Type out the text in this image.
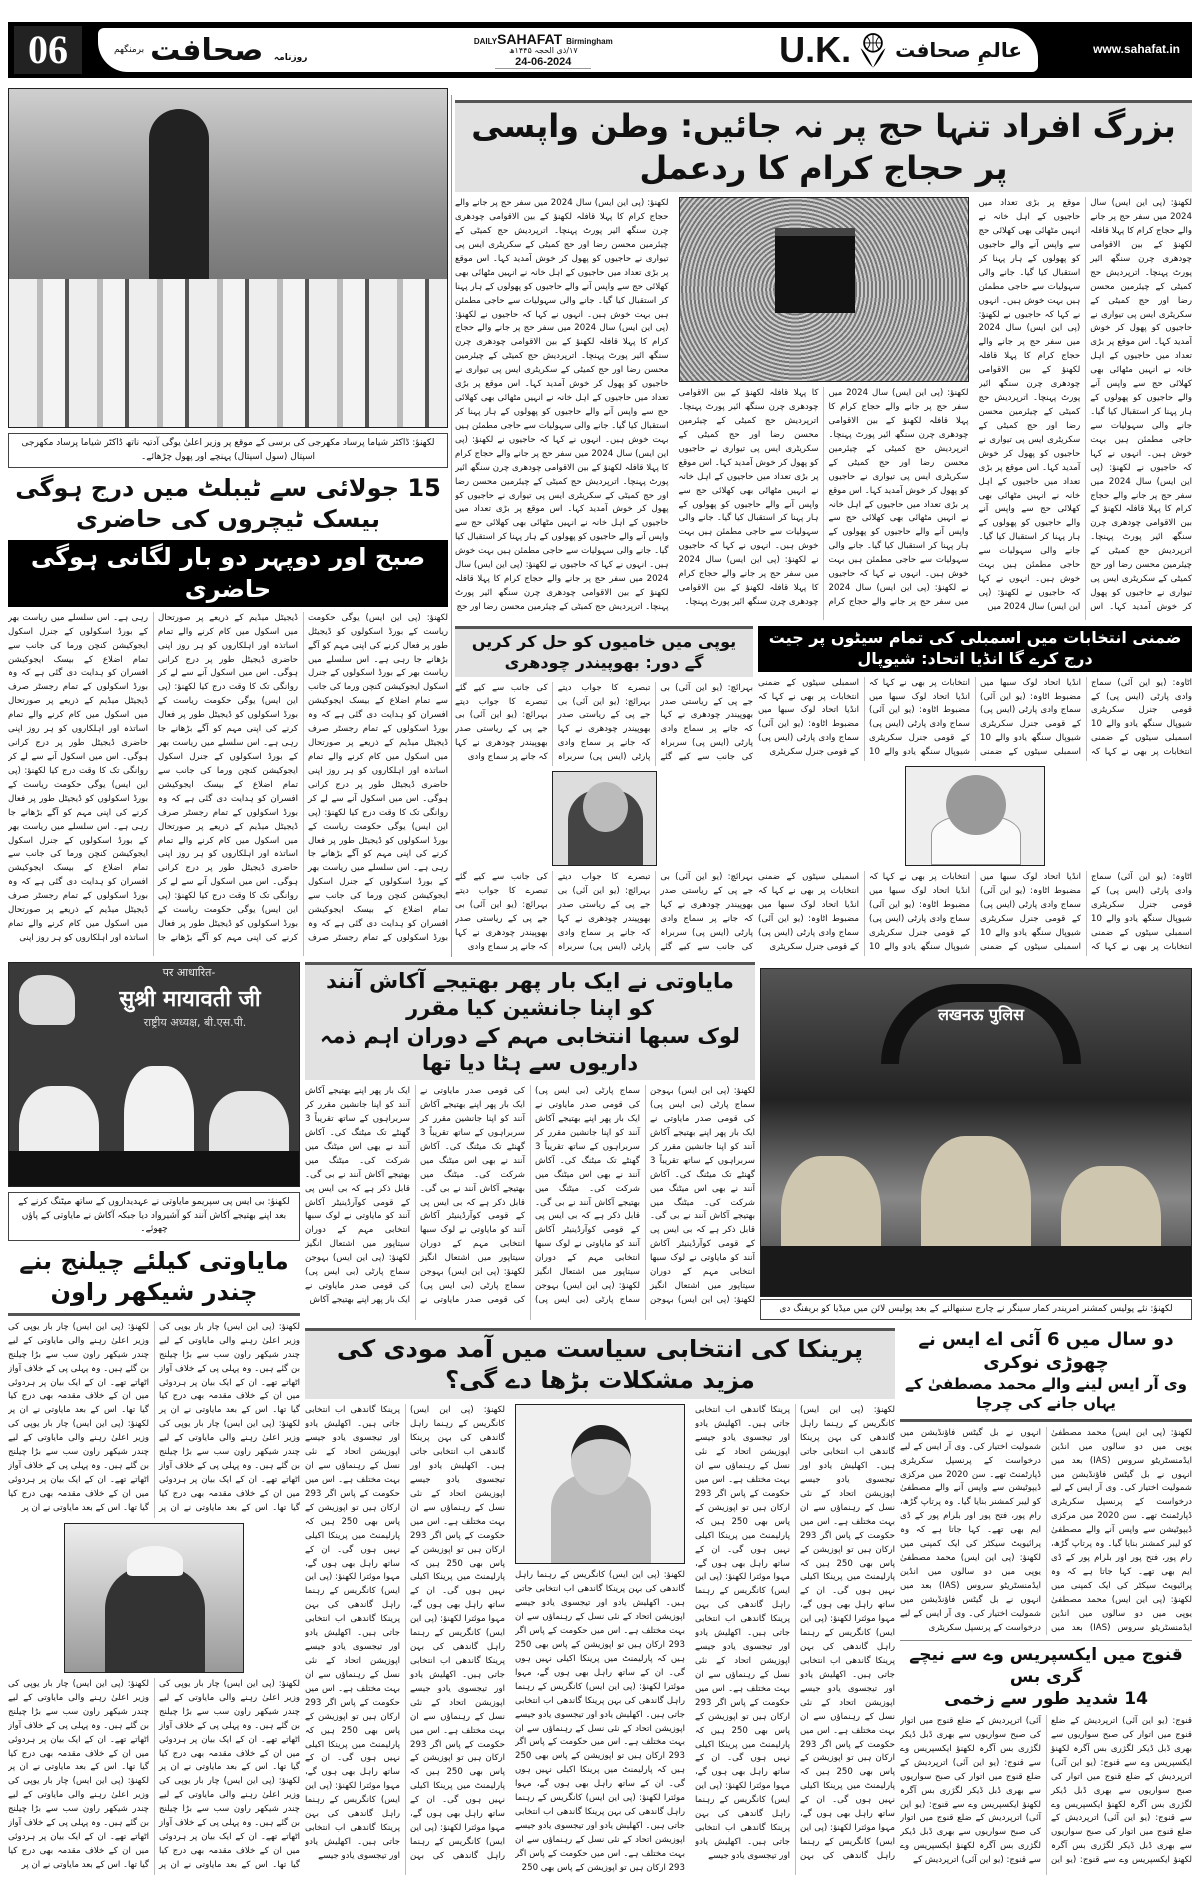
06	برمنگھم
روزنامہ صحافت	DAILYSAHAFAT Birmingham
۱۷/ذی الحجہ ۱۴۴۵ھ
24-06-2024	U.K. عالمِ صحافت	www.sahafat.in
لکھنؤ: ڈاکٹر شیاما پرساد مکھرجی کی برسی کے موقع پر وزیر اعلیٰ یوگی آدتیہ ناتھ ڈاکٹر شیاما پرساد مکھرجی اسپتال (سول اسپتال) پہنچے اور پھول چڑھائے۔
15 جولائی سے ٹیبلٹ میں درج ہوگی بیسک ٹیچروں کی حاضری
صبح اور دوپہر دو بار لگانی ہوگی حاضری
لکھنؤ: (پی این ایس) یوگی حکومت ریاست کے بورڈ اسکولوں کو ڈیجیٹل طور پر فعال کرنے کی اپنی مہم کو آگے بڑھانے جا رہی ہے۔ اس سلسلے میں ریاست بھر کے بورڈ اسکولوں کے جنرل اسکول ایجوکیشن کنچن ورما کی جانب سے تمام اضلاع کے بیسک ایجوکیشن افسران کو ہدایت دی گئی ہے کہ وہ بورڈ اسکولوں کے تمام رجسٹر صرف ڈیجیٹل میڈیم کے ذریعے پر صورتحال میں اسکول میں کام کرنے والے تمام اساتذہ اور اہلکاروں کو ہر روز اپنی حاضری ڈیجیٹل طور پر درج کرانی ہوگی۔ اس میں اسکول آنے سے لے کر روانگی تک کا وقت درج کیا لکھنؤ: (پی این ایس) یوگی حکومت ریاست کے بورڈ اسکولوں کو ڈیجیٹل طور پر فعال کرنے کی اپنی مہم کو آگے بڑھانے جا رہی ہے۔ اس سلسلے میں ریاست بھر کے بورڈ اسکولوں کے جنرل اسکول ایجوکیشن کنچن ورما کی جانب سے تمام اضلاع کے بیسک ایجوکیشن افسران کو ہدایت دی گئی ہے کہ وہ بورڈ اسکولوں کے تمام رجسٹر صرف ڈیجیٹل میڈیم کے ذریعے پر صورتحال میں اسکول میں کام کرنے والے تمام اساتذہ اور اہلکاروں کو ہر روز اپنی حاضری ڈیجیٹل طور پر درج کرانی ہوگی۔ اس میں اسکول آنے سے لے کر روانگی تک کا وقت درج کیا لکھنؤ: (پی این ایس) یوگی حکومت ریاست کے بورڈ اسکولوں کو ڈیجیٹل طور پر فعال کرنے کی اپنی مہم کو آگے بڑھانے جا رہی ہے۔ اس سلسلے میں ریاست بھر کے بورڈ اسکولوں کے جنرل اسکول ایجوکیشن کنچن ورما کی جانب سے تمام اضلاع کے بیسک ایجوکیشن افسران کو ہدایت دی گئی ہے کہ وہ بورڈ اسکولوں کے تمام رجسٹر صرف ڈیجیٹل میڈیم کے ذریعے پر صورتحال میں اسکول میں کام کرنے والے تمام اساتذہ اور اہلکاروں کو ہر روز اپنی حاضری ڈیجیٹل طور پر درج کرانی ہوگی۔ اس میں اسکول آنے سے لے کر روانگی تک کا وقت درج کیا لکھنؤ: (پی این ایس) یوگی حکومت ریاست کے بورڈ اسکولوں کو ڈیجیٹل طور پر فعال کرنے کی اپنی مہم کو آگے بڑھانے جا رہی ہے۔ اس سلسلے میں ریاست بھر کے بورڈ اسکولوں کے جنرل اسکول ایجوکیشن کنچن ورما کی جانب سے تمام اضلاع کے بیسک ایجوکیشن افسران کو ہدایت دی گئی ہے کہ وہ بورڈ اسکولوں کے تمام رجسٹر صرف ڈیجیٹل میڈیم کے ذریعے پر صورتحال میں اسکول میں کام کرنے والے تمام اساتذہ اور اہلکاروں کو ہر روز اپنی حاضری ڈیجیٹل طور پر درج کرانی ہوگی۔ اس میں اسکول آنے سے لے کر روانگی تک کا وقت درج کیا لکھنؤ: (پی این ایس) یوگی حکومت ریاست کے بورڈ اسکولوں کو ڈیجیٹل طور پر فعال کرنے کی اپنی مہم کو آگے بڑھانے جا رہی ہے۔ اس سلسلے میں ریاست بھر کے بورڈ اسکولوں کے جنرل اسکول ایجوکیشن کنچن ورما کی جانب سے تمام اضلاع کے بیسک ایجوکیشن افسران کو ہدایت دی گئی ہے کہ وہ بورڈ اسکولوں کے تمام رجسٹر صرف ڈیجیٹل میڈیم کے ذریعے پر صورتحال میں اسکول میں کام کرنے والے تمام اساتذہ اور اہلکاروں کو ہر روز اپنی
पर आधारित-
सुश्री मायावती जी
राष्ट्रीय अध्यक्ष, बी.एस.पी.
لکھنؤ: بی ایس پی سپریمو مایاوتی نے عہدیداروں کے ساتھ میٹنگ کرنے کے بعد اپنے بھتیجے آکاش آنند کو آشیرواد دیا جبکہ آکاش نے مایاوتی کے پاؤں چھوئے۔
مایاوتی کیلئے چیلنج بنے چندر شیکھر راون
لکھنؤ: (پی این ایس) چار بار یوپی کی وزیر اعلیٰ رہنے والی مایاوتی کے لیے چندر شیکھر راون سب سے بڑا چیلنج بن گئے ہیں۔ وہ پہلی پی کے خلاف آواز اٹھاتے تھے۔ ان کے ایک بیان پر ہردوئی میں ان کے خلاف مقدمہ بھی درج کیا گیا تھا۔ اس کے بعد مایاوتی نے ان پر لکھنؤ: (پی این ایس) چار بار یوپی کی وزیر اعلیٰ رہنے والی مایاوتی کے لیے چندر شیکھر راون سب سے بڑا چیلنج بن گئے ہیں۔ وہ پہلی پی کے خلاف آواز اٹھاتے تھے۔ ان کے ایک بیان پر ہردوئی میں ان کے خلاف مقدمہ بھی درج کیا گیا تھا۔ اس کے بعد مایاوتی نے ان پر لکھنؤ: (پی این ایس) چار بار یوپی کی وزیر اعلیٰ رہنے والی مایاوتی کے لیے چندر شیکھر راون سب سے بڑا چیلنج بن گئے ہیں۔ وہ پہلی پی کے خلاف آواز اٹھاتے تھے۔ ان کے ایک بیان پر ہردوئی میں ان کے خلاف مقدمہ بھی درج کیا گیا تھا۔ اس کے بعد مایاوتی نے ان پر لکھنؤ: (پی این ایس) چار بار یوپی کی وزیر اعلیٰ رہنے والی مایاوتی کے لیے چندر شیکھر راون سب سے بڑا چیلنج بن گئے ہیں۔ وہ پہلی پی کے خلاف آواز اٹھاتے تھے۔ ان کے ایک بیان پر ہردوئی میں ان کے خلاف مقدمہ بھی درج کیا گیا تھا۔ اس کے بعد مایاوتی نے ان پر
لکھنؤ: (پی این ایس) چار بار یوپی کی وزیر اعلیٰ رہنے والی مایاوتی کے لیے چندر شیکھر راون سب سے بڑا چیلنج بن گئے ہیں۔ وہ پہلی پی کے خلاف آواز اٹھاتے تھے۔ ان کے ایک بیان پر ہردوئی میں ان کے خلاف مقدمہ بھی درج کیا گیا تھا۔ اس کے بعد مایاوتی نے ان پر لکھنؤ: (پی این ایس) چار بار یوپی کی وزیر اعلیٰ رہنے والی مایاوتی کے لیے چندر شیکھر راون سب سے بڑا چیلنج بن گئے ہیں۔ وہ پہلی پی کے خلاف آواز اٹھاتے تھے۔ ان کے ایک بیان پر ہردوئی میں ان کے خلاف مقدمہ بھی درج کیا گیا تھا۔ اس کے بعد مایاوتی نے ان پر لکھنؤ: (پی این ایس) چار بار یوپی کی وزیر اعلیٰ رہنے والی مایاوتی کے لیے چندر شیکھر راون سب سے بڑا چیلنج بن گئے ہیں۔ وہ پہلی پی کے خلاف آواز اٹھاتے تھے۔ ان کے ایک بیان پر ہردوئی میں ان کے خلاف مقدمہ بھی درج کیا گیا تھا۔ اس کے بعد مایاوتی نے ان پر لکھنؤ: (پی این ایس) چار بار یوپی کی وزیر اعلیٰ رہنے والی مایاوتی کے لیے چندر شیکھر راون سب سے بڑا چیلنج بن گئے ہیں۔ وہ پہلی پی کے خلاف آواز اٹھاتے تھے۔ ان کے ایک بیان پر ہردوئی میں ان کے خلاف مقدمہ بھی درج کیا گیا تھا۔ اس کے بعد مایاوتی نے ان پر
بزرگ افراد تنہا حج پر نہ جائیں: وطن واپسی پر حجاج کرام کا ردعمل
لکھنؤ: (پی این ایس) سال 2024 میں سفر حج پر جانے والے حجاج کرام کا پہلا قافلہ لکھنؤ کے بین الاقوامی چودھری چرن سنگھ ائیر پورٹ پہنچا۔ اترپردیش حج کمیٹی کے چیئرمین محسن رضا اور حج کمیٹی کے سکریٹری ایس پی تیواری نے حاجیوں کو پھول کر خوش آمدید کہا۔ اس موقع پر بڑی تعداد میں حاجیوں کے اہل خانہ نے انہیں مٹھائی بھی کھلائی حج سے واپس آنے والے حاجیوں کو پھولوں کے ہار پہنا کر استقبال کیا گیا۔ جانے والی سہولیات سے حاجی مطمئن ہیں بہت خوش ہیں۔ انہوں نے کہا کہ حاجیوں نے لکھنؤ: (پی این ایس) سال 2024 میں سفر حج پر جانے والے حجاج کرام کا پہلا قافلہ لکھنؤ کے بین الاقوامی چودھری چرن سنگھ ائیر پورٹ پہنچا۔ اترپردیش حج کمیٹی کے چیئرمین محسن رضا اور حج کمیٹی کے سکریٹری ایس پی تیواری نے حاجیوں کو پھول کر خوش آمدید کہا۔ اس موقع پر بڑی تعداد میں حاجیوں کے اہل خانہ نے انہیں مٹھائی بھی کھلائی حج سے واپس آنے والے حاجیوں کو پھولوں کے ہار پہنا کر استقبال کیا گیا۔ جانے والی سہولیات سے حاجی مطمئن ہیں بہت خوش ہیں۔ انہوں نے کہا کہ حاجیوں نے لکھنؤ: (پی این ایس) سال 2024 میں سفر حج پر جانے والے حجاج کرام کا پہلا قافلہ لکھنؤ کے بین الاقوامی چودھری چرن سنگھ ائیر پورٹ پہنچا۔ اترپردیش حج کمیٹی کے چیئرمین محسن رضا اور حج کمیٹی کے سکریٹری ایس پی تیواری نے حاجیوں کو پھول کر خوش آمدید کہا۔ اس موقع پر بڑی تعداد میں حاجیوں کے اہل خانہ نے انہیں مٹھائی بھی کھلائی حج سے واپس آنے والے حاجیوں کو پھولوں کے ہار پہنا کر استقبال کیا گیا۔ جانے والی سہولیات سے حاجی مطمئن ہیں بہت خوش ہیں۔ انہوں نے کہا کہ حاجیوں نے لکھنؤ: (پی این ایس) سال 2024 میں
لکھنؤ: (پی این ایس) سال 2024 میں سفر حج پر جانے والے حجاج کرام کا پہلا قافلہ لکھنؤ کے بین الاقوامی چودھری چرن سنگھ ائیر پورٹ پہنچا۔ اترپردیش حج کمیٹی کے چیئرمین محسن رضا اور حج کمیٹی کے سکریٹری ایس پی تیواری نے حاجیوں کو پھول کر خوش آمدید کہا۔ اس موقع پر بڑی تعداد میں حاجیوں کے اہل خانہ نے انہیں مٹھائی بھی کھلائی حج سے واپس آنے والے حاجیوں کو پھولوں کے ہار پہنا کر استقبال کیا گیا۔ جانے والی سہولیات سے حاجی مطمئن ہیں بہت خوش ہیں۔ انہوں نے کہا کہ حاجیوں نے لکھنؤ: (پی این ایس) سال 2024 میں سفر حج پر جانے والے حجاج کرام کا پہلا قافلہ لکھنؤ کے بین الاقوامی چودھری چرن سنگھ ائیر پورٹ پہنچا۔ اترپردیش حج کمیٹی کے چیئرمین محسن رضا اور حج کمیٹی کے سکریٹری ایس پی تیواری نے حاجیوں کو پھول کر خوش آمدید کہا۔ اس موقع پر بڑی تعداد میں حاجیوں کے اہل خانہ نے انہیں مٹھائی بھی کھلائی حج سے واپس آنے والے حاجیوں کو پھولوں کے ہار پہنا کر استقبال کیا گیا۔ جانے والی سہولیات سے حاجی مطمئن ہیں بہت خوش ہیں۔ انہوں نے کہا کہ حاجیوں نے لکھنؤ: (پی این ایس) سال 2024 میں سفر حج پر جانے والے حجاج کرام کا پہلا قافلہ لکھنؤ کے بین الاقوامی چودھری چرن سنگھ ائیر پورٹ پہنچا۔
لکھنؤ: (پی این ایس) سال 2024 میں سفر حج پر جانے والے حجاج کرام کا پہلا قافلہ لکھنؤ کے بین الاقوامی چودھری چرن سنگھ ائیر پورٹ پہنچا۔ اترپردیش حج کمیٹی کے چیئرمین محسن رضا اور حج کمیٹی کے سکریٹری ایس پی تیواری نے حاجیوں کو پھول کر خوش آمدید کہا۔ اس موقع پر بڑی تعداد میں حاجیوں کے اہل خانہ نے انہیں مٹھائی بھی کھلائی حج سے واپس آنے والے حاجیوں کو پھولوں کے ہار پہنا کر استقبال کیا گیا۔ جانے والی سہولیات سے حاجی مطمئن ہیں بہت خوش ہیں۔ انہوں نے کہا کہ حاجیوں نے لکھنؤ: (پی این ایس) سال 2024 میں سفر حج پر جانے والے حجاج کرام کا پہلا قافلہ لکھنؤ کے بین الاقوامی چودھری چرن سنگھ ائیر پورٹ پہنچا۔ اترپردیش حج کمیٹی کے چیئرمین محسن رضا اور حج کمیٹی کے سکریٹری ایس پی تیواری نے حاجیوں کو پھول کر خوش آمدید کہا۔ اس موقع پر بڑی تعداد میں حاجیوں کے اہل خانہ نے انہیں مٹھائی بھی کھلائی حج سے واپس آنے والے حاجیوں کو پھولوں کے ہار پہنا کر استقبال کیا گیا۔ جانے والی سہولیات سے حاجی مطمئن ہیں بہت خوش ہیں۔ انہوں نے کہا کہ حاجیوں نے لکھنؤ: (پی این ایس) سال 2024 میں سفر حج پر جانے والے حجاج کرام کا پہلا قافلہ لکھنؤ کے بین الاقوامی چودھری چرن سنگھ ائیر پورٹ پہنچا۔ اترپردیش حج کمیٹی کے چیئرمین محسن رضا اور حج کمیٹی کے سکریٹری ایس پی تیواری نے حاجیوں کو پھول کر خوش آمدید کہا۔ اس موقع پر بڑی تعداد میں حاجیوں کے اہل خانہ نے انہیں مٹھائی بھی کھلائی حج سے واپس آنے والے حاجیوں کو پھولوں کے ہار پہنا کر استقبال کیا گیا۔ جانے والی سہولیات سے حاجی مطمئن ہیں بہت خوش ہیں۔ انہوں نے کہا کہ حاجیوں نے لکھنؤ: (پی این ایس) سال 2024 میں سفر حج پر جانے والے حجاج کرام کا پہلا قافلہ لکھنؤ کے بین الاقوامی چودھری چرن سنگھ ائیر پورٹ پہنچا۔ اترپردیش حج کمیٹی کے چیئرمین محسن رضا اور حج
یوپی میں خامیوں کو حل کر کریں گے دور: بھوپیندر چودھری
بہرائچ: (یو این آئی) بی جے پی کے ریاستی صدر بھوپیندر چودھری نے کہا کہ جانے پر سماج وادی پارٹی (ایس پی) سربراہ کی جانب سے کیے گئے تبصرے کا جواب دیتے بہرائچ: (یو این آئی) بی جے پی کے ریاستی صدر بھوپیندر چودھری نے کہا کہ جانے پر سماج وادی پارٹی (ایس پی) سربراہ کی جانب سے کیے گئے تبصرے کا جواب دیتے بہرائچ: (یو این آئی) بی جے پی کے ریاستی صدر بھوپیندر چودھری نے کہا کہ جانے پر سماج وادی
بہرائچ: (یو این آئی) بی جے پی کے ریاستی صدر بھوپیندر چودھری نے کہا کہ جانے پر سماج وادی پارٹی (ایس پی) سربراہ کی جانب سے کیے گئے تبصرے کا جواب دیتے بہرائچ: (یو این آئی) بی جے پی کے ریاستی صدر بھوپیندر چودھری نے کہا کہ جانے پر سماج وادی پارٹی (ایس پی) سربراہ کی جانب سے کیے گئے تبصرے کا جواب دیتے بہرائچ: (یو این آئی) بی جے پی کے ریاستی صدر بھوپیندر چودھری نے کہا کہ جانے پر سماج وادی
ضمنی انتخابات میں اسمبلی کی تمام سیٹوں پر جیت درج کرے گا انڈیا اتحاد: شیوپال
اٹاوہ: (یو این آئی) سماج وادی پارٹی (ایس پی) کے قومی جنرل سکریٹری شیوپال سنگھ یادو والے 10 اسمبلی سیٹوں کے ضمنی انتخابات پر بھی نے کہا کہ انڈیا اتحاد لوک سبھا میں مضبوط اٹاوہ: (یو این آئی) سماج وادی پارٹی (ایس پی) کے قومی جنرل سکریٹری شیوپال سنگھ یادو والے 10 اسمبلی سیٹوں کے ضمنی انتخابات پر بھی نے کہا کہ انڈیا اتحاد لوک سبھا میں مضبوط اٹاوہ: (یو این آئی) سماج وادی پارٹی (ایس پی) کے قومی جنرل سکریٹری شیوپال سنگھ یادو والے 10 اسمبلی سیٹوں کے ضمنی انتخابات پر بھی نے کہا کہ انڈیا اتحاد لوک سبھا میں مضبوط اٹاوہ: (یو این آئی) سماج وادی پارٹی (ایس پی) کے قومی جنرل سکریٹری
اٹاوہ: (یو این آئی) سماج وادی پارٹی (ایس پی) کے قومی جنرل سکریٹری شیوپال سنگھ یادو والے 10 اسمبلی سیٹوں کے ضمنی انتخابات پر بھی نے کہا کہ انڈیا اتحاد لوک سبھا میں مضبوط اٹاوہ: (یو این آئی) سماج وادی پارٹی (ایس پی) کے قومی جنرل سکریٹری شیوپال سنگھ یادو والے 10 اسمبلی سیٹوں کے ضمنی انتخابات پر بھی نے کہا کہ انڈیا اتحاد لوک سبھا میں مضبوط اٹاوہ: (یو این آئی) سماج وادی پارٹی (ایس پی) کے قومی جنرل سکریٹری شیوپال سنگھ یادو والے 10 اسمبلی سیٹوں کے ضمنی انتخابات پر بھی نے کہا کہ انڈیا اتحاد لوک سبھا میں مضبوط اٹاوہ: (یو این آئی) سماج وادی پارٹی (ایس پی) کے قومی جنرل سکریٹری
مایاوتی نے ایک بار پھر بھتیجے آکاش آنند کو اپنا جانشین کیا مقرر
لوک سبھا انتخابی مہم کے دوران اہم ذمہ داریوں سے ہٹا دیا تھا
لکھنؤ: (پی این ایس) بہوجن سماج پارٹی (بی ایس پی) کی قومی صدر مایاوتی نے ایک بار پھر اپنے بھتیجے آکاش آنند کو اپنا جانشین مقرر کر سربراہوں کے ساتھ تقریباً 3 گھنٹے تک میٹنگ کی۔ آکاش آنند نے بھی اس میٹنگ میں شرکت کی۔ میٹنگ میں بھتیجے آکاش آنند نے بی گی۔ قابل ذکر ہے کہ بی ایس پی کے قومی کوآرڈینیٹر آکاش آنند کو مایاوتی نے لوک سبھا انتخابی مہم کے دوران سیتاپور میں اشتعال انگیز لکھنؤ: (پی این ایس) بہوجن سماج پارٹی (بی ایس پی) کی قومی صدر مایاوتی نے ایک بار پھر اپنے بھتیجے آکاش آنند کو اپنا جانشین مقرر کر سربراہوں کے ساتھ تقریباً 3 گھنٹے تک میٹنگ کی۔ آکاش آنند نے بھی اس میٹنگ میں شرکت کی۔ میٹنگ میں بھتیجے آکاش آنند نے بی گی۔ قابل ذکر ہے کہ بی ایس پی کے قومی کوآرڈینیٹر آکاش آنند کو مایاوتی نے لوک سبھا انتخابی مہم کے دوران سیتاپور میں اشتعال انگیز لکھنؤ: (پی این ایس) بہوجن سماج پارٹی (بی ایس پی) کی قومی صدر مایاوتی نے ایک بار پھر اپنے بھتیجے آکاش آنند کو اپنا جانشین مقرر کر سربراہوں کے ساتھ تقریباً 3 گھنٹے تک میٹنگ کی۔ آکاش آنند نے بھی اس میٹنگ میں شرکت کی۔ میٹنگ میں بھتیجے آکاش آنند نے بی گی۔ قابل ذکر ہے کہ بی ایس پی کے قومی کوآرڈینیٹر آکاش آنند کو مایاوتی نے لوک سبھا انتخابی مہم کے دوران سیتاپور میں اشتعال انگیز لکھنؤ: (پی این ایس) بہوجن سماج پارٹی (بی ایس پی) کی قومی صدر مایاوتی نے ایک بار پھر اپنے بھتیجے آکاش آنند کو اپنا جانشین مقرر کر سربراہوں کے ساتھ تقریباً 3 گھنٹے تک میٹنگ کی۔ آکاش آنند نے بھی اس میٹنگ میں شرکت کی۔ میٹنگ میں بھتیجے آکاش آنند نے بی گی۔ قابل ذکر ہے کہ بی ایس پی کے قومی کوآرڈینیٹر آکاش آنند کو مایاوتی نے لوک سبھا انتخابی مہم کے دوران سیتاپور میں اشتعال انگیز لکھنؤ: (پی این ایس) بہوجن سماج پارٹی (بی ایس پی) کی قومی صدر مایاوتی نے ایک بار پھر اپنے بھتیجے آکاش
लखनऊ पुलिस
لکھنؤ: نئے پولیس کمشنر امریندر کمار سینگر نے چارج سنبھالنے کے بعد پولیس لائن میں میڈیا کو بریفنگ دی
پرینکا کی انتخابی سیاست میں آمد مودی کی مزید مشکلات بڑھا دے گی؟
لکھنؤ: (پی این ایس) کانگریس کے رہنما راہل گاندھی کی بہن پرینکا گاندھی اب انتخابی جاتی ہیں۔ اکھلیش یادو اور تیجسوی یادو جیسے اپوزیشن اتحاد کے نئی نسل کے رہنماؤں سے ان بہت مختلف ہے۔ اس میں حکومت کے پاس اگر 293 ارکان ہیں تو اپوزیشن کے پاس بھی 250 ہیں کہ پارلیمنٹ میں پرینکا اکیلی نہیں ہوں گی۔ ان کے ساتھ راہل بھی ہوں گے، مہوا موئترا لکھنؤ: (پی این ایس) کانگریس کے رہنما راہل گاندھی کی بہن پرینکا گاندھی اب انتخابی جاتی ہیں۔ اکھلیش یادو اور تیجسوی یادو جیسے اپوزیشن اتحاد کے نئی نسل کے رہنماؤں سے ان بہت مختلف ہے۔ اس میں حکومت کے پاس اگر 293 ارکان ہیں تو اپوزیشن کے پاس بھی 250 ہیں کہ پارلیمنٹ میں پرینکا اکیلی نہیں ہوں گی۔ ان کے ساتھ راہل بھی ہوں گے، مہوا موئترا لکھنؤ: (پی این ایس) کانگریس کے رہنما راہل گاندھی کی بہن پرینکا گاندھی اب انتخابی جاتی ہیں۔ اکھلیش یادو اور تیجسوی یادو جیسے اپوزیشن اتحاد کے نئی نسل کے رہنماؤں سے ان بہت مختلف ہے۔ اس میں حکومت کے پاس اگر 293 ارکان ہیں تو اپوزیشن کے پاس بھی 250 ہیں کہ پارلیمنٹ میں پرینکا اکیلی نہیں ہوں گی۔ ان کے ساتھ راہل بھی ہوں گے، مہوا موئترا لکھنؤ: (پی این ایس) کانگریس کے رہنما راہل گاندھی کی بہن پرینکا گاندھی اب انتخابی جاتی ہیں۔ اکھلیش یادو اور تیجسوی یادو جیسے اپوزیشن اتحاد کے نئی نسل کے رہنماؤں سے ان بہت مختلف ہے۔ اس میں حکومت کے پاس اگر 293 ارکان ہیں تو اپوزیشن کے پاس بھی 250 ہیں کہ پارلیمنٹ میں پرینکا اکیلی نہیں ہوں گی۔ ان کے ساتھ راہل بھی ہوں گے، مہوا موئترا لکھنؤ: (پی این ایس) کانگریس کے رہنما راہل گاندھی کی بہن پرینکا گاندھی اب انتخابی جاتی ہیں۔ اکھلیش یادو اور تیجسوی یادو جیسے
لکھنؤ: (پی این ایس) کانگریس کے رہنما راہل گاندھی کی بہن پرینکا گاندھی اب انتخابی جاتی ہیں۔ اکھلیش یادو اور تیجسوی یادو جیسے اپوزیشن اتحاد کے نئی نسل کے رہنماؤں سے ان بہت مختلف ہے۔ اس میں حکومت کے پاس اگر 293 ارکان ہیں تو اپوزیشن کے پاس بھی 250 ہیں کہ پارلیمنٹ میں پرینکا اکیلی نہیں ہوں گی۔ ان کے ساتھ راہل بھی ہوں گے، مہوا موئترا لکھنؤ: (پی این ایس) کانگریس کے رہنما راہل گاندھی کی بہن پرینکا گاندھی اب انتخابی جاتی ہیں۔ اکھلیش یادو اور تیجسوی یادو جیسے اپوزیشن اتحاد کے نئی نسل کے رہنماؤں سے ان بہت مختلف ہے۔ اس میں حکومت کے پاس اگر 293 ارکان ہیں تو اپوزیشن کے پاس بھی 250 ہیں کہ پارلیمنٹ میں پرینکا اکیلی نہیں ہوں گی۔ ان کے ساتھ راہل بھی ہوں گے، مہوا موئترا لکھنؤ: (پی این ایس) کانگریس کے رہنما راہل گاندھی کی بہن پرینکا گاندھی اب انتخابی جاتی ہیں۔ اکھلیش یادو اور تیجسوی یادو جیسے اپوزیشن اتحاد کے نئی نسل کے رہنماؤں سے ان بہت مختلف ہے۔ اس میں حکومت کے پاس اگر 293 ارکان ہیں تو اپوزیشن کے پاس بھی 250
لکھنؤ: (پی این ایس) کانگریس کے رہنما راہل گاندھی کی بہن پرینکا گاندھی اب انتخابی جاتی ہیں۔ اکھلیش یادو اور تیجسوی یادو جیسے اپوزیشن اتحاد کے نئی نسل کے رہنماؤں سے ان بہت مختلف ہے۔ اس میں حکومت کے پاس اگر 293 ارکان ہیں تو اپوزیشن کے پاس بھی 250 ہیں کہ پارلیمنٹ میں پرینکا اکیلی نہیں ہوں گی۔ ان کے ساتھ راہل بھی ہوں گے، مہوا موئترا لکھنؤ: (پی این ایس) کانگریس کے رہنما راہل گاندھی کی بہن پرینکا گاندھی اب انتخابی جاتی ہیں۔ اکھلیش یادو اور تیجسوی یادو جیسے اپوزیشن اتحاد کے نئی نسل کے رہنماؤں سے ان بہت مختلف ہے۔ اس میں حکومت کے پاس اگر 293 ارکان ہیں تو اپوزیشن کے پاس بھی 250 ہیں کہ پارلیمنٹ میں پرینکا اکیلی نہیں ہوں گی۔ ان کے ساتھ راہل بھی ہوں گے، مہوا موئترا لکھنؤ: (پی این ایس) کانگریس کے رہنما راہل گاندھی کی بہن پرینکا گاندھی اب انتخابی جاتی ہیں۔ اکھلیش یادو اور تیجسوی یادو جیسے اپوزیشن اتحاد کے نئی نسل کے رہنماؤں سے ان بہت مختلف ہے۔ اس میں حکومت کے پاس اگر 293 ارکان ہیں تو اپوزیشن کے پاس بھی 250 ہیں کہ پارلیمنٹ میں پرینکا اکیلی نہیں ہوں گی۔ ان کے ساتھ راہل بھی ہوں گے، مہوا موئترا لکھنؤ: (پی این ایس) کانگریس کے رہنما راہل گاندھی کی بہن پرینکا گاندھی اب انتخابی جاتی ہیں۔ اکھلیش یادو اور تیجسوی یادو جیسے اپوزیشن اتحاد کے نئی نسل کے رہنماؤں سے ان بہت مختلف ہے۔ اس میں حکومت کے پاس اگر 293 ارکان ہیں تو اپوزیشن کے پاس بھی 250 ہیں کہ پارلیمنٹ میں پرینکا اکیلی نہیں ہوں گی۔ ان کے ساتھ راہل بھی ہوں گے، مہوا موئترا لکھنؤ: (پی این ایس) کانگریس کے رہنما راہل گاندھی کی بہن پرینکا گاندھی اب انتخابی جاتی ہیں۔ اکھلیش یادو اور تیجسوی یادو جیسے
دو سال میں 6 آئی اے ایس نے چھوڑی نوکری
وی آر ایس لینے والے محمد مصطفیٰ کے یہاں جانے کی چرچا
لکھنؤ: (پی این ایس) محمد مصطفیٰ یوپی میں دو سالوں میں انڈین ایڈمنسٹریٹو سروس (IAS) بعد میں انہوں نے بل گیٹس فاؤنڈیشن میں شمولیت اختیار کی۔ وی آر ایس کے لیے درخواست کے پرنسپل سکریٹری ڈپارٹمنٹ تھے۔ سن 2020 میں مرکزی ڈیپوٹیشن سے واپس آنے والے مصطفیٰ کو لیبر کمشنر بنایا گیا۔ وہ پرتاپ گڑھ، رام پور، فتح پور اور بلرام پور کے ڈی ایم بھی تھے۔ کہا جاتا ہے کہ وہ پرائیویٹ سیکٹر کی ایک کمپنی میں لکھنؤ: (پی این ایس) محمد مصطفیٰ یوپی میں دو سالوں میں انڈین ایڈمنسٹریٹو سروس (IAS) بعد میں انہوں نے بل گیٹس فاؤنڈیشن میں شمولیت اختیار کی۔ وی آر ایس کے لیے درخواست کے پرنسپل سکریٹری ڈپارٹمنٹ تھے۔ سن 2020 میں مرکزی ڈیپوٹیشن سے واپس آنے والے مصطفیٰ کو لیبر کمشنر بنایا گیا۔ وہ پرتاپ گڑھ، رام پور، فتح پور اور بلرام پور کے ڈی ایم بھی تھے۔ کہا جاتا ہے کہ وہ پرائیویٹ سیکٹر کی ایک کمپنی میں لکھنؤ: (پی این ایس) محمد مصطفیٰ یوپی میں دو سالوں میں انڈین ایڈمنسٹریٹو سروس (IAS) بعد میں انہوں نے بل گیٹس فاؤنڈیشن میں شمولیت اختیار کی۔ وی آر ایس کے لیے درخواست کے پرنسپل سکریٹری
قنوج میں ایکسپریس وے سے نیچے گری بس
14 شدید طور سے زخمی
قنوج: (یو این آئی) اترپردیش کے ضلع قنوج میں اتوار کی صبح سواریوں سے بھری ڈبل ڈیکر لگژری بس آگرہ لکھنؤ ایکسپریس وے سے قنوج: (یو این آئی) اترپردیش کے ضلع قنوج میں اتوار کی صبح سواریوں سے بھری ڈبل ڈیکر لگژری بس آگرہ لکھنؤ ایکسپریس وے سے قنوج: (یو این آئی) اترپردیش کے ضلع قنوج میں اتوار کی صبح سواریوں سے بھری ڈبل ڈیکر لگژری بس آگرہ لکھنؤ ایکسپریس وے سے قنوج: (یو این آئی) اترپردیش کے ضلع قنوج میں اتوار کی صبح سواریوں سے بھری ڈبل ڈیکر لگژری بس آگرہ لکھنؤ ایکسپریس وے سے قنوج: (یو این آئی) اترپردیش کے ضلع قنوج میں اتوار کی صبح سواریوں سے بھری ڈبل ڈیکر لگژری بس آگرہ لکھنؤ ایکسپریس وے سے قنوج: (یو این آئی) اترپردیش کے ضلع قنوج میں اتوار کی صبح سواریوں سے بھری ڈبل ڈیکر لگژری بس آگرہ لکھنؤ ایکسپریس وے سے قنوج: (یو این آئی) اترپردیش کے
